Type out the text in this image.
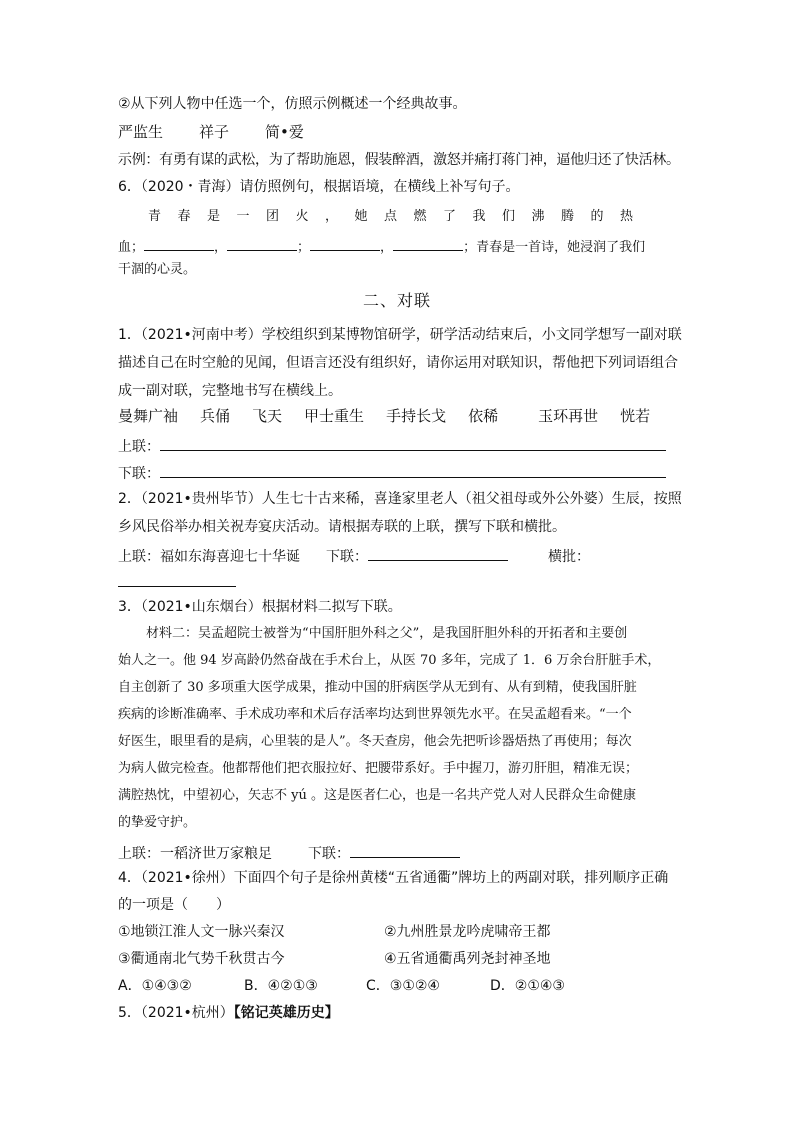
②从下列人物中任选一个，仿照示例概述一个经典故事。
严监生 祥子 简•爱
示例：有勇有谋的武松，为了帮助施恩，假装醉酒，激怒并痛打蒋门神，逼他归还了快活林。
6．（2020・青海）请仿照例句，根据语境，在横线上补写句子。
青春是一团火，她点燃了我们沸腾的热
血；	，	；	，	；青春是一首诗，她浸润了我们
干涸的心灵。
二、对联
1．（2021•河南中考）学校组织到某博物馆研学，研学活动结束后，小文同学想写一副对联
描述自己在时空舱的见闻，但语言还没有组织好，请你运用对联知识，帮他把下列词语组合
成一副对联，完整地书写在横线上。
曼舞广袖 兵俑 飞天 甲士重生 手持长戈 依稀	玉环再世 恍若
上联：
下联：
2．（2021•贵州毕节）人生七十古来稀，喜逢家里老人（祖父祖母或外公外婆）生辰，按照
乡风民俗举办相关祝寿宴庆活动。请根据寿联的上联，撰写下联和横批。
上联：福如东海喜迎七十华诞 下联：	横批：
3．（2021•山东烟台）根据材料二拟写下联。
材料二：吴孟超院士被誉为“中国肝胆外科之父”，是我国肝胆外科的开拓者和主要创
始人之一。他 94 岁高龄仍然奋战在手术台上，从医 70 多年，完成了 1．6 万余台肝脏手术，
自主创新了 30 多项重大医学成果，推动中国的肝病医学从无到有、从有到精，使我国肝脏
疾病的诊断准确率、手术成功率和术后存活率均达到世界领先水平。在吴孟超看来。“一个
好医生，眼里看的是病，心里装的是人”。冬天查房，他会先把听诊器焐热了再使用；每次
为病人做完检查。他都帮他们把衣服拉好、把腰带系好。手中握刀，游刃肝胆，精准无误；
满腔热忱，中望初心，矢志不 yú 。这是医者仁心，也是一名共产党人对人民群众生命健康
的挚爱守护。
上联：一稻济世万家粮足	下联：
4．（2021•徐州）下面四个句子是徐州黄楼“五省通衢”牌坊上的两副对联，排列顺序正确
的一项是（　　）
①地锁江淮人文一脉兴秦汉	②九州胜景龙吟虎啸帝王都
③衢通南北气势千秋贯古今	④五省通衢禹列尧封神圣地
A．①④③②	B．④②①③	C．③①②④	D．②①④③
5．（2021•杭州）【铭记英雄历史】
